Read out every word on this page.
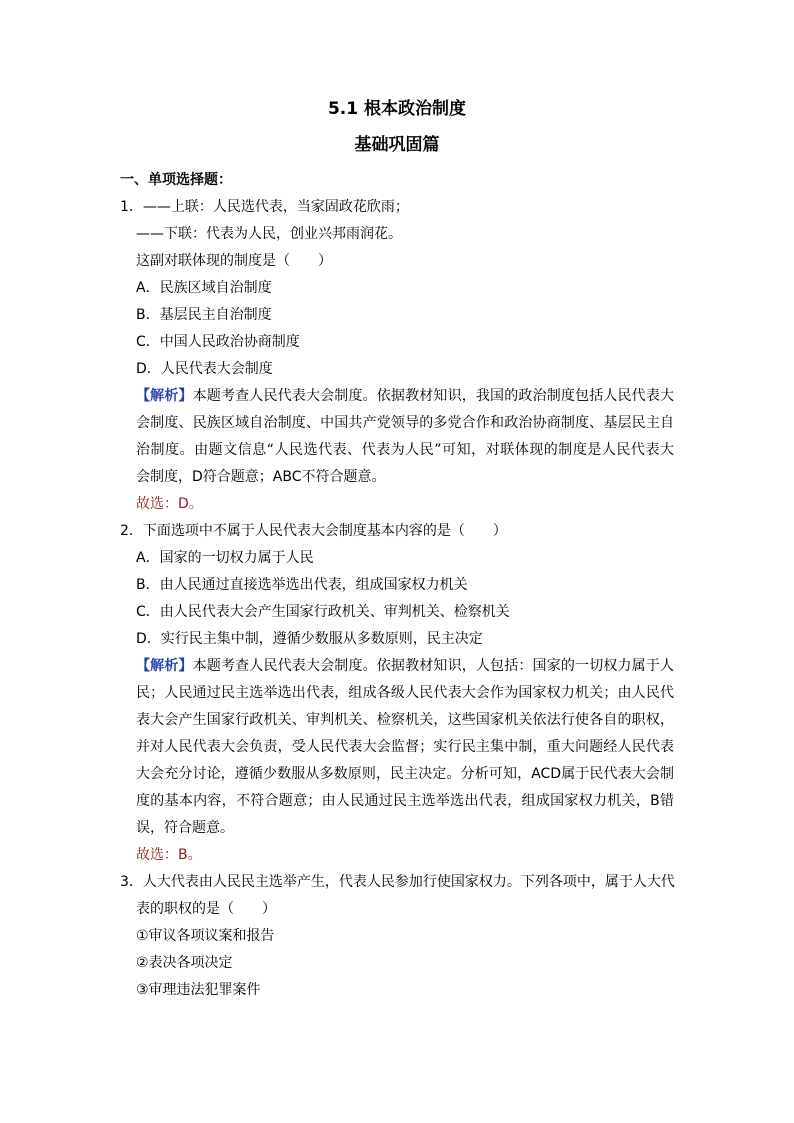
5.1 根本政治制度
基础巩固篇
一、单项选择题：
1．——上联：人民选代表，当家固政花欣雨；
——下联：代表为人民，创业兴邦雨润花。
这副对联体现的制度是（　　）
A．民族区域自治制度
B．基层民主自治制度
C．中国人民政治协商制度
D．人民代表大会制度
【解析】本题考查人民代表大会制度。依据教材知识，我国的政治制度包括人民代表大
会制度、民族区域自治制度、中国共产党领导的多党合作和政治协商制度、基层民主自
治制度。由题文信息“人民选代表、代表为人民”可知，对联体现的制度是人民代表大
会制度，D符合题意；ABC不符合题意。
故选：D。
2．下面选项中不属于人民代表大会制度基本内容的是（　　）
A．国家的一切权力属于人民
B．由人民通过直接选举选出代表，组成国家权力机关
C．由人民代表大会产生国家行政机关、审判机关、检察机关
D．实行民主集中制，遵循少数服从多数原则，民主决定
【解析】本题考查人民代表大会制度。依据教材知识，人包括：国家的一切权力属于人
民；人民通过民主选举选出代表，组成各级人民代表大会作为国家权力机关；由人民代
表大会产生国家行政机关、审判机关、检察机关，这些国家机关依法行使各自的职权，
并对人民代表大会负责，受人民代表大会监督；实行民主集中制，重大问题经人民代表
大会充分讨论，遵循少数服从多数原则，民主决定。分析可知，ACD属于民代表大会制
度的基本内容，不符合题意；由人民通过民主选举选出代表，组成国家权力机关，B错
误，符合题意。
故选：B。
3．人大代表由人民民主选举产生，代表人民参加行使国家权力。下列各项中，属于人大代
表的职权的是（　　）
①审议各项议案和报告
②表决各项决定
③审理违法犯罪案件
